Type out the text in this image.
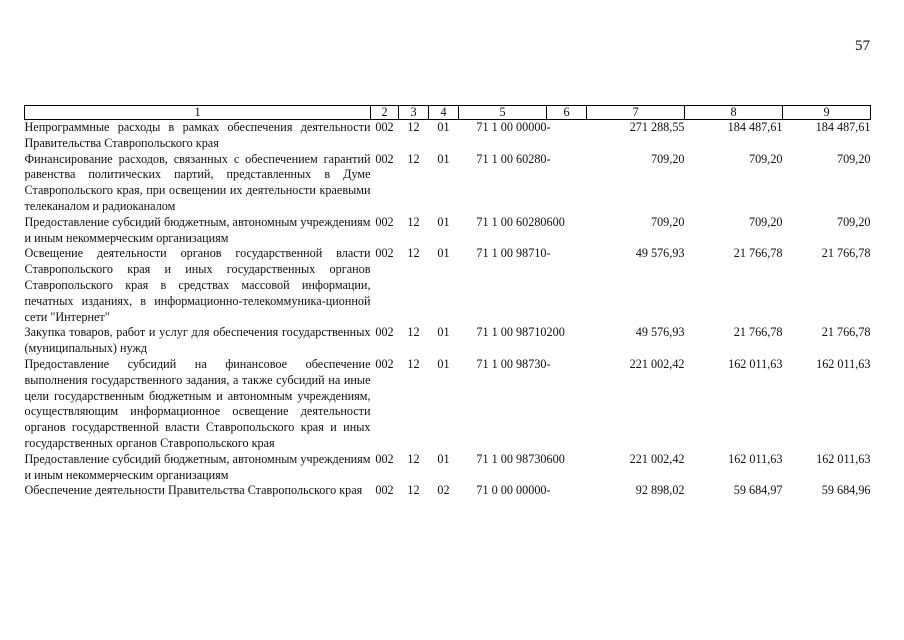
57
1	2	3	4	5	6	7	8	9
Непрограммные расходы в рамках обеспечения деятельности Правительства Ставропольского края	002	12	01	71 1 00 00000	-	271 288,55	184 487,61	184 487,61
Финансирование расходов, связанных с обеспечением гарантий равенства политических партий, представленных в Думе Ставропольского края, при освещении их деятельности краевыми телеканалом и радиоканалом	002	12	01	71 1 00 60280	-	709,20	709,20	709,20
Предоставление субсидий бюджетным, автономным учреждениям и иным некоммерческим организациям	002	12	01	71 1 00 60280	600	709,20	709,20	709,20
Освещение деятельности органов государственной власти Ставропольского края и иных государственных органов Ставропольского края в средствах массовой информации, печатных изданиях, в информационно-телекоммуника-ционной сети "Интернет"	002	12	01	71 1 00 98710	-	49 576,93	21 766,78	21 766,78
Закупка товаров, работ и услуг для обеспечения государственных (муниципальных) нужд	002	12	01	71 1 00 98710	200	49 576,93	21 766,78	21 766,78
Предоставление субсидий на финансовое обеспечение выполнения государственного задания, а также субсидий на иные цели государственным бюджетным и автономным учреждениям, осуществляющим информационное освещение деятельности органов государственной власти Ставропольского края и иных государственных органов Ставропольского края	002	12	01	71 1 00 98730	-	221 002,42	162 011,63	162 011,63
Предоставление субсидий бюджетным, автономным учреждениям и иным некоммерческим организациям	002	12	01	71 1 00 98730	600	221 002,42	162 011,63	162 011,63
Обеспечение деятельности Правительства Ставропольского края	002	12	02	71 0 00 00000	-	92 898,02	59 684,97	59 684,96
